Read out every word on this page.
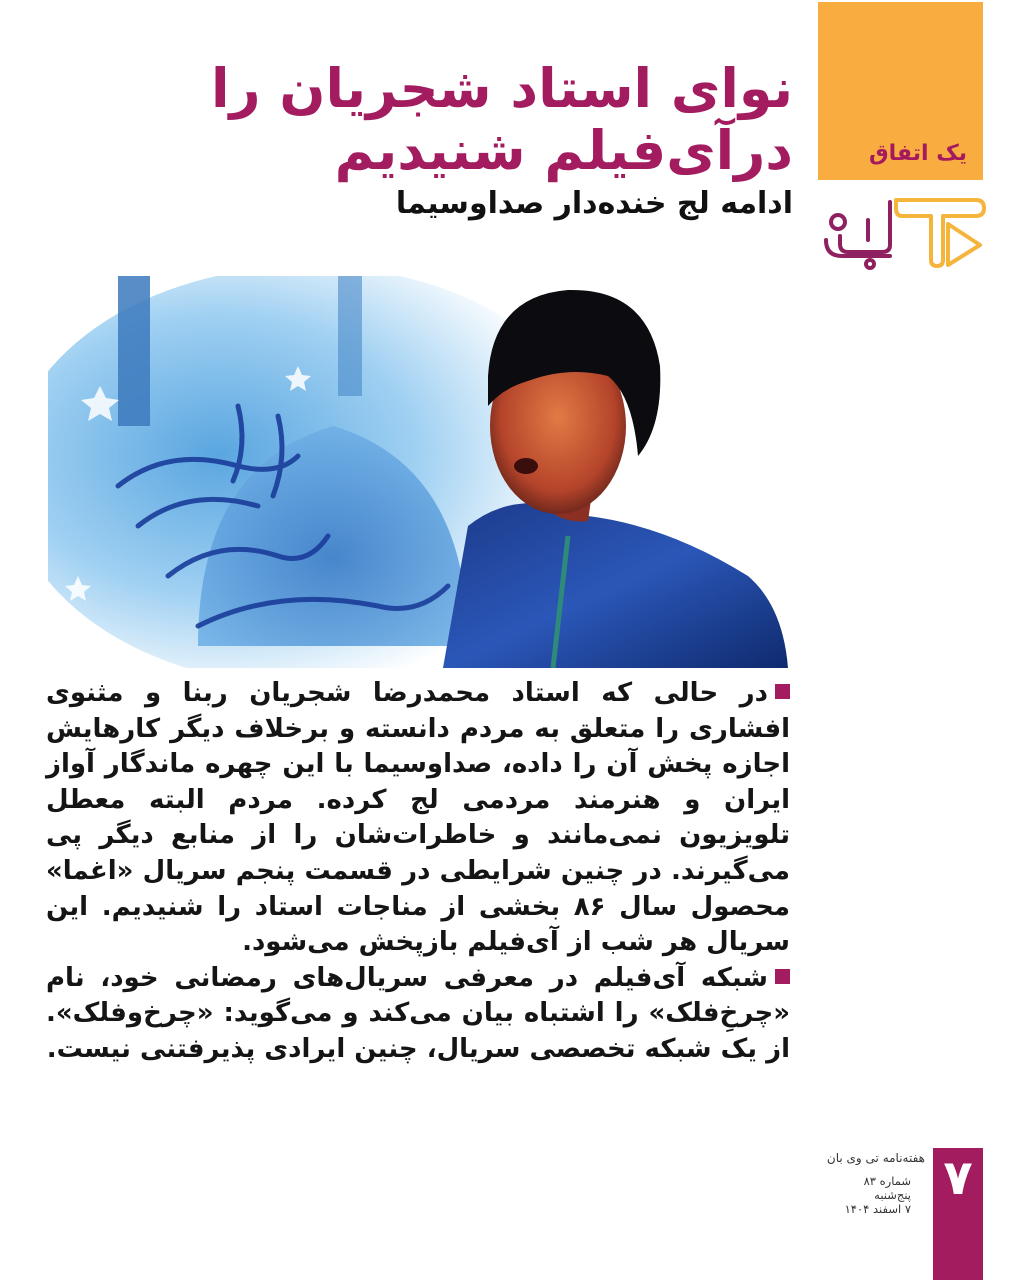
یک اتفاق
نوای استاد شجریان را
درآی‌فیلم شنیدیم
ادامه لج خنده‌دار صداوسیما

در حالی که استاد محمدرضا شجریان ربنا و مثنوی افشاری را متعلق به مردم دانسته و برخلاف دیگر کارهایش اجازه پخش آن را داده، صداوسیما با این چهره ماندگار آواز ایران و هنرمند مردمی لج کرده. مردم البته معطل تلویزیون نمی‌مانند و خاطرات‌شان را از منابع دیگر پی می‌گیرند. در چنین شرایطی در قسمت پنجم سریال «اغما» محصول سال ۸۶ بخشی از مناجات استاد را شنیدیم. این سریال هر شب از آی‌فیلم بازپخش می‌شود.

شبکه آی‌فیلم در معرفی سریال‌های رمضانی خود، نام «چرخِ‌فلک» را اشتباه بیان می‌کند و می‌گوید: «چرخ‌وفلک». از یک شبکه تخصصی سریال، چنین ایرادی پذیرفتنی نیست.

هفته‌نامه تی وی بان
شماره ۸۳
پنج‌شنبه
۷ اسفند ۱۴۰۴
۷
